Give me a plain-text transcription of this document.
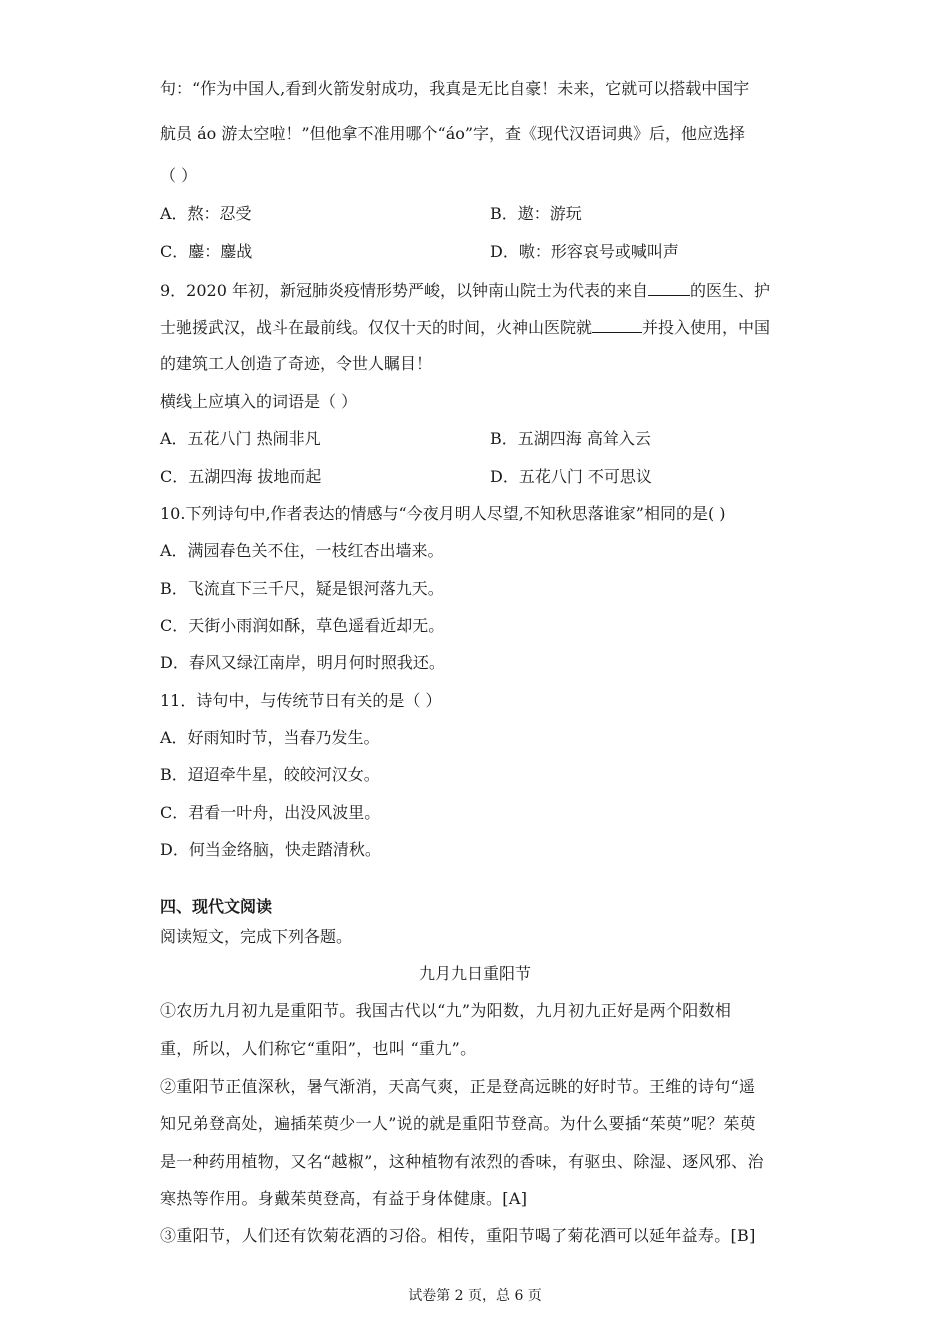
句：“作为中国人,看到火箭发射成功，我真是无比自豪！未来，它就可以搭载中国宇
航员 áo 游太空啦！”但他拿不准用哪个“áo”字，查《现代汉语词典》后，他应选择
（ ）
A．熬：忍受	B．遨：游玩
C．鏖：鏖战	D．嗷：形容哀号或喊叫声
9．2020 年初，新冠肺炎疫情形势严峻，以钟南山院士为代表的来自	的医生、护
士驰援武汉，战斗在最前线。仅仅十天的时间，火神山医院就	并投入使用，中国
的建筑工人创造了奇迹，令世人瞩目！
横线上应填入的词语是（ ）
A．五花八门 热闹非凡	B．五湖四海 高耸入云
C．五湖四海 拔地而起	D．五花八门 不可思议
10.下列诗句中,作者表达的情感与“今夜月明人尽望,不知秋思落谁家”相同的是( )
A．满园春色关不住，一枝红杏出墙来。
B．飞流直下三千尺，疑是银河落九天。
C．天街小雨润如酥，草色遥看近却无。
D．春风又绿江南岸，明月何时照我还。
11．诗句中，与传统节日有关的是（ ）
A．好雨知时节，当春乃发生。
B．迢迢牵牛星，皎皎河汉女。
C．君看一叶舟，出没风波里。
D．何当金络脑，快走踏清秋。
四、现代文阅读
阅读短文，完成下列各题。
九月九日重阳节
①农历九月初九是重阳节。我国古代以“九”为阳数，九月初九正好是两个阳数相
重，所以，人们称它“重阳”，也叫 “重九”。
②重阳节正值深秋，暑气渐消，天高气爽，正是登高远眺的好时节。王维的诗句“遥
知兄弟登高处，遍插茱萸少一人”说的就是重阳节登高。为什么要插“茱萸”呢？茱萸
是一种药用植物，又名“越椒”，这种植物有浓烈的香味，有驱虫、除湿、逐风邪、治
寒热等作用。身戴茱萸登高，有益于身体健康。[A]
③重阳节，人们还有饮菊花酒的习俗。相传，重阳节喝了菊花酒可以延年益寿。[B]
试卷第 2 页，总 6 页
